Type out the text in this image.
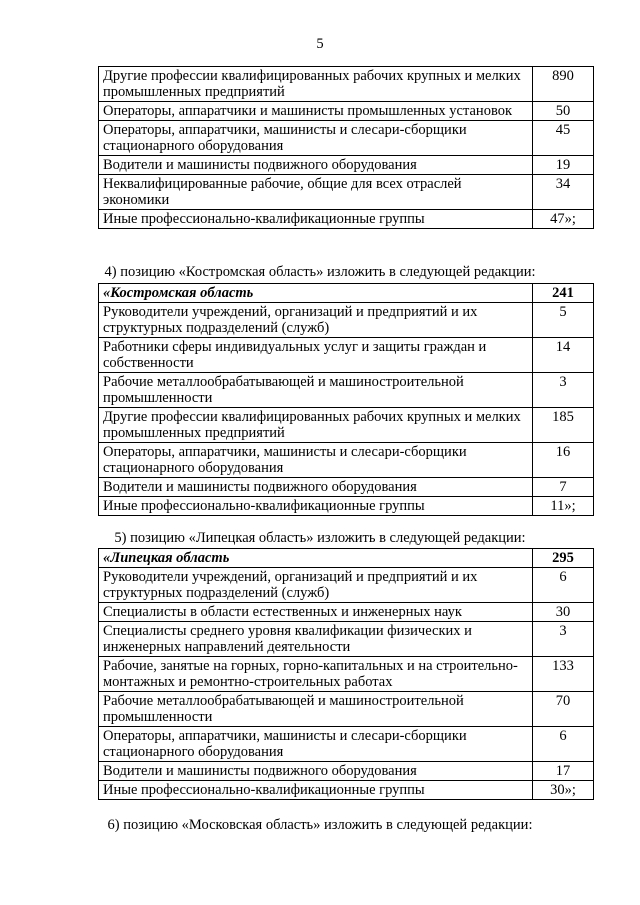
5
Другие профессии квалифицированных рабочих крупных и мелких промышленных предприятий	890
Операторы, аппаратчики и машинисты промышленных установок	50
Операторы, аппаратчики, машинисты и слесари-сборщики стационарного оборудования	45
Водители и машинисты подвижного оборудования	19
Неквалифицированные рабочие, общие для всех отраслей экономики	34
Иные профессионально-квалификационные группы	47»;
4) позицию «Костромская область» изложить в следующей редакции:
«Костромская область	241
Руководители учреждений, организаций и предприятий и их структурных подразделений (служб)	5
Работники сферы индивидуальных услуг и защиты граждан и собственности	14
Рабочие металлообрабатывающей и машиностроительной промышленности	3
Другие профессии квалифицированных рабочих крупных и мелких промышленных предприятий	185
Операторы, аппаратчики, машинисты и слесари-сборщики стационарного оборудования	16
Водители и машинисты подвижного оборудования	7
Иные профессионально-квалификационные группы	11»;
5) позицию «Липецкая область» изложить в следующей редакции:
«Липецкая область	295
Руководители учреждений, организаций и предприятий и их структурных подразделений (служб)	6
Специалисты в области естественных и инженерных наук	30
Специалисты среднего уровня квалификации физических и инженерных направлений деятельности	3
Рабочие, занятые на горных, горно-капитальных и на строительно-монтажных и ремонтно-строительных работах	133
Рабочие металлообрабатывающей и машиностроительной промышленности	70
Операторы, аппаратчики, машинисты и слесари-сборщики стационарного оборудования	6
Водители и машинисты подвижного оборудования	17
Иные профессионально-квалификационные группы	30»;
6) позицию «Московская область» изложить в следующей редакции:
